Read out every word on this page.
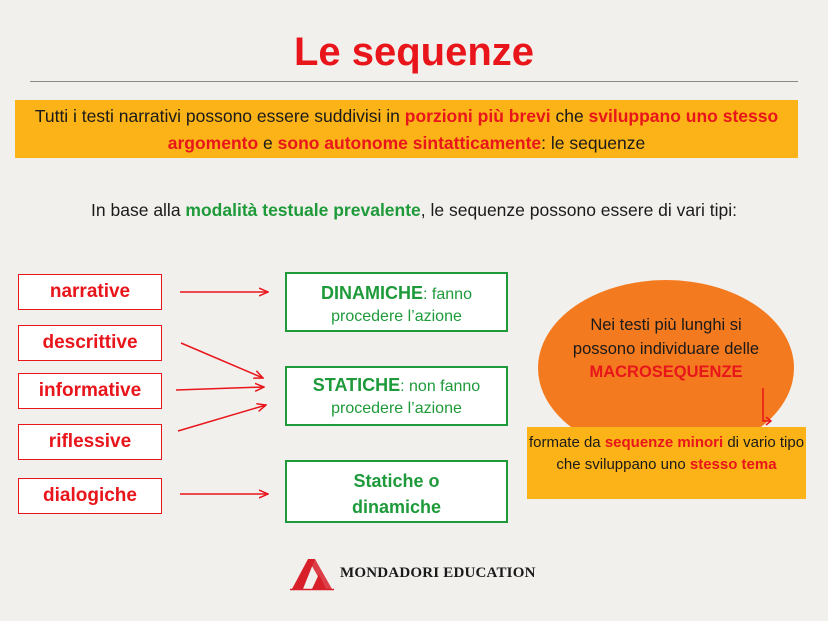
Le sequenze
Tutti i testi narrativi possono essere suddivisi in porzioni più brevi che sviluppano uno stesso argomento e sono autonome sintatticamente: le sequenze
In base alla modalità testuale prevalente, le sequenze possono essere di vari tipi:
narrative
descrittive
informative
riflessive
dialogiche
DINAMICHE: fanno procedere l’azione
STATICHE: non fanno procedere l’azione
Statiche o dinamiche
Nei testi più lunghi si possono individuare delle MACROSEQUENZE
formate da sequenze minori di vario tipo che sviluppano uno stesso tema
MONDADORI EDUCATION
